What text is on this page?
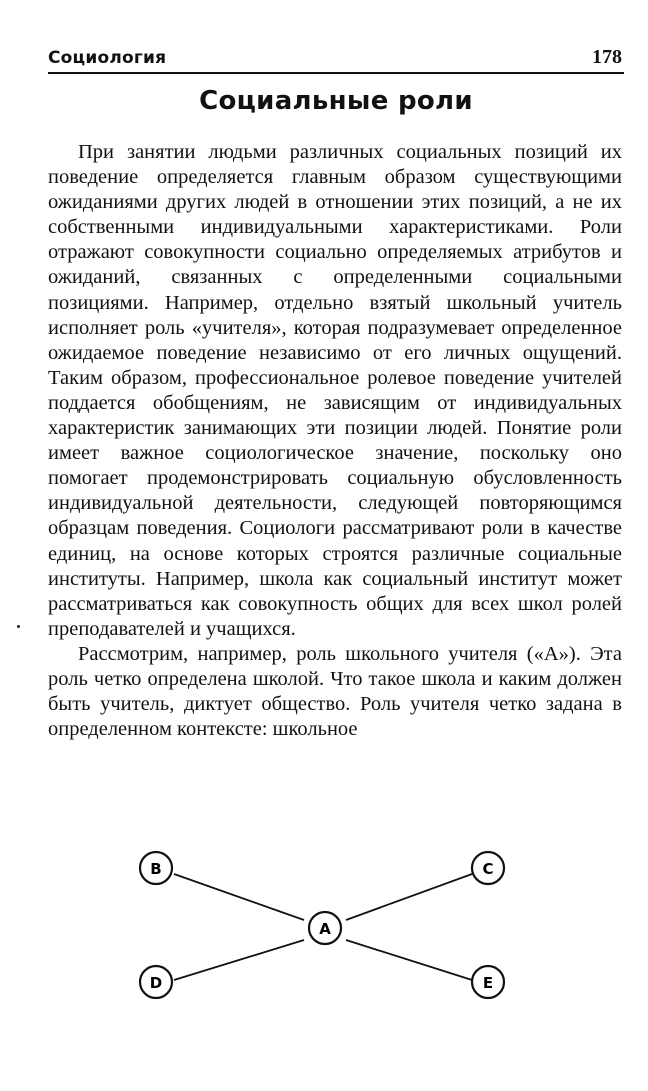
Социология	178
Социальные роли

При занятии людьми различных социальных позиций их поведение определяется главным образом существующими ожиданиями других людей в отношении этих позиций, а не их собственными индивидуальными характеристиками. Роли отражают совокупности социально определяемых атрибутов и ожиданий, связанных с определенными социальными позициями. Например, отдельно взятый школьный учитель исполняет роль «учителя», которая подразумевает определенное ожидаемое поведение независимо от его личных ощущений. Таким образом, профессиональное ролевое поведение учителей поддается обобщениям, не зависящим от индивидуальных характеристик занимающих эти позиции людей. Понятие роли имеет важное социологическое значение, поскольку оно помогает продемонстрировать социальную обусловленность индивидуальной деятельности, следующей повторяющимся образцам поведения. Социологи рассматривают роли в качестве единиц, на основе которых строятся различные социальные институты. Например, школа как социальный институт может рассматриваться как совокупность общих для всех школ ролей преподавателей и учащихся.

Рассмотрим, например, роль школьного учителя («А»). Эта роль четко определена школой. Что такое школа и каким должен быть учитель, диктует общество. Роль учителя четко задана в определенном контексте: школьное

A
B	C
D	E
